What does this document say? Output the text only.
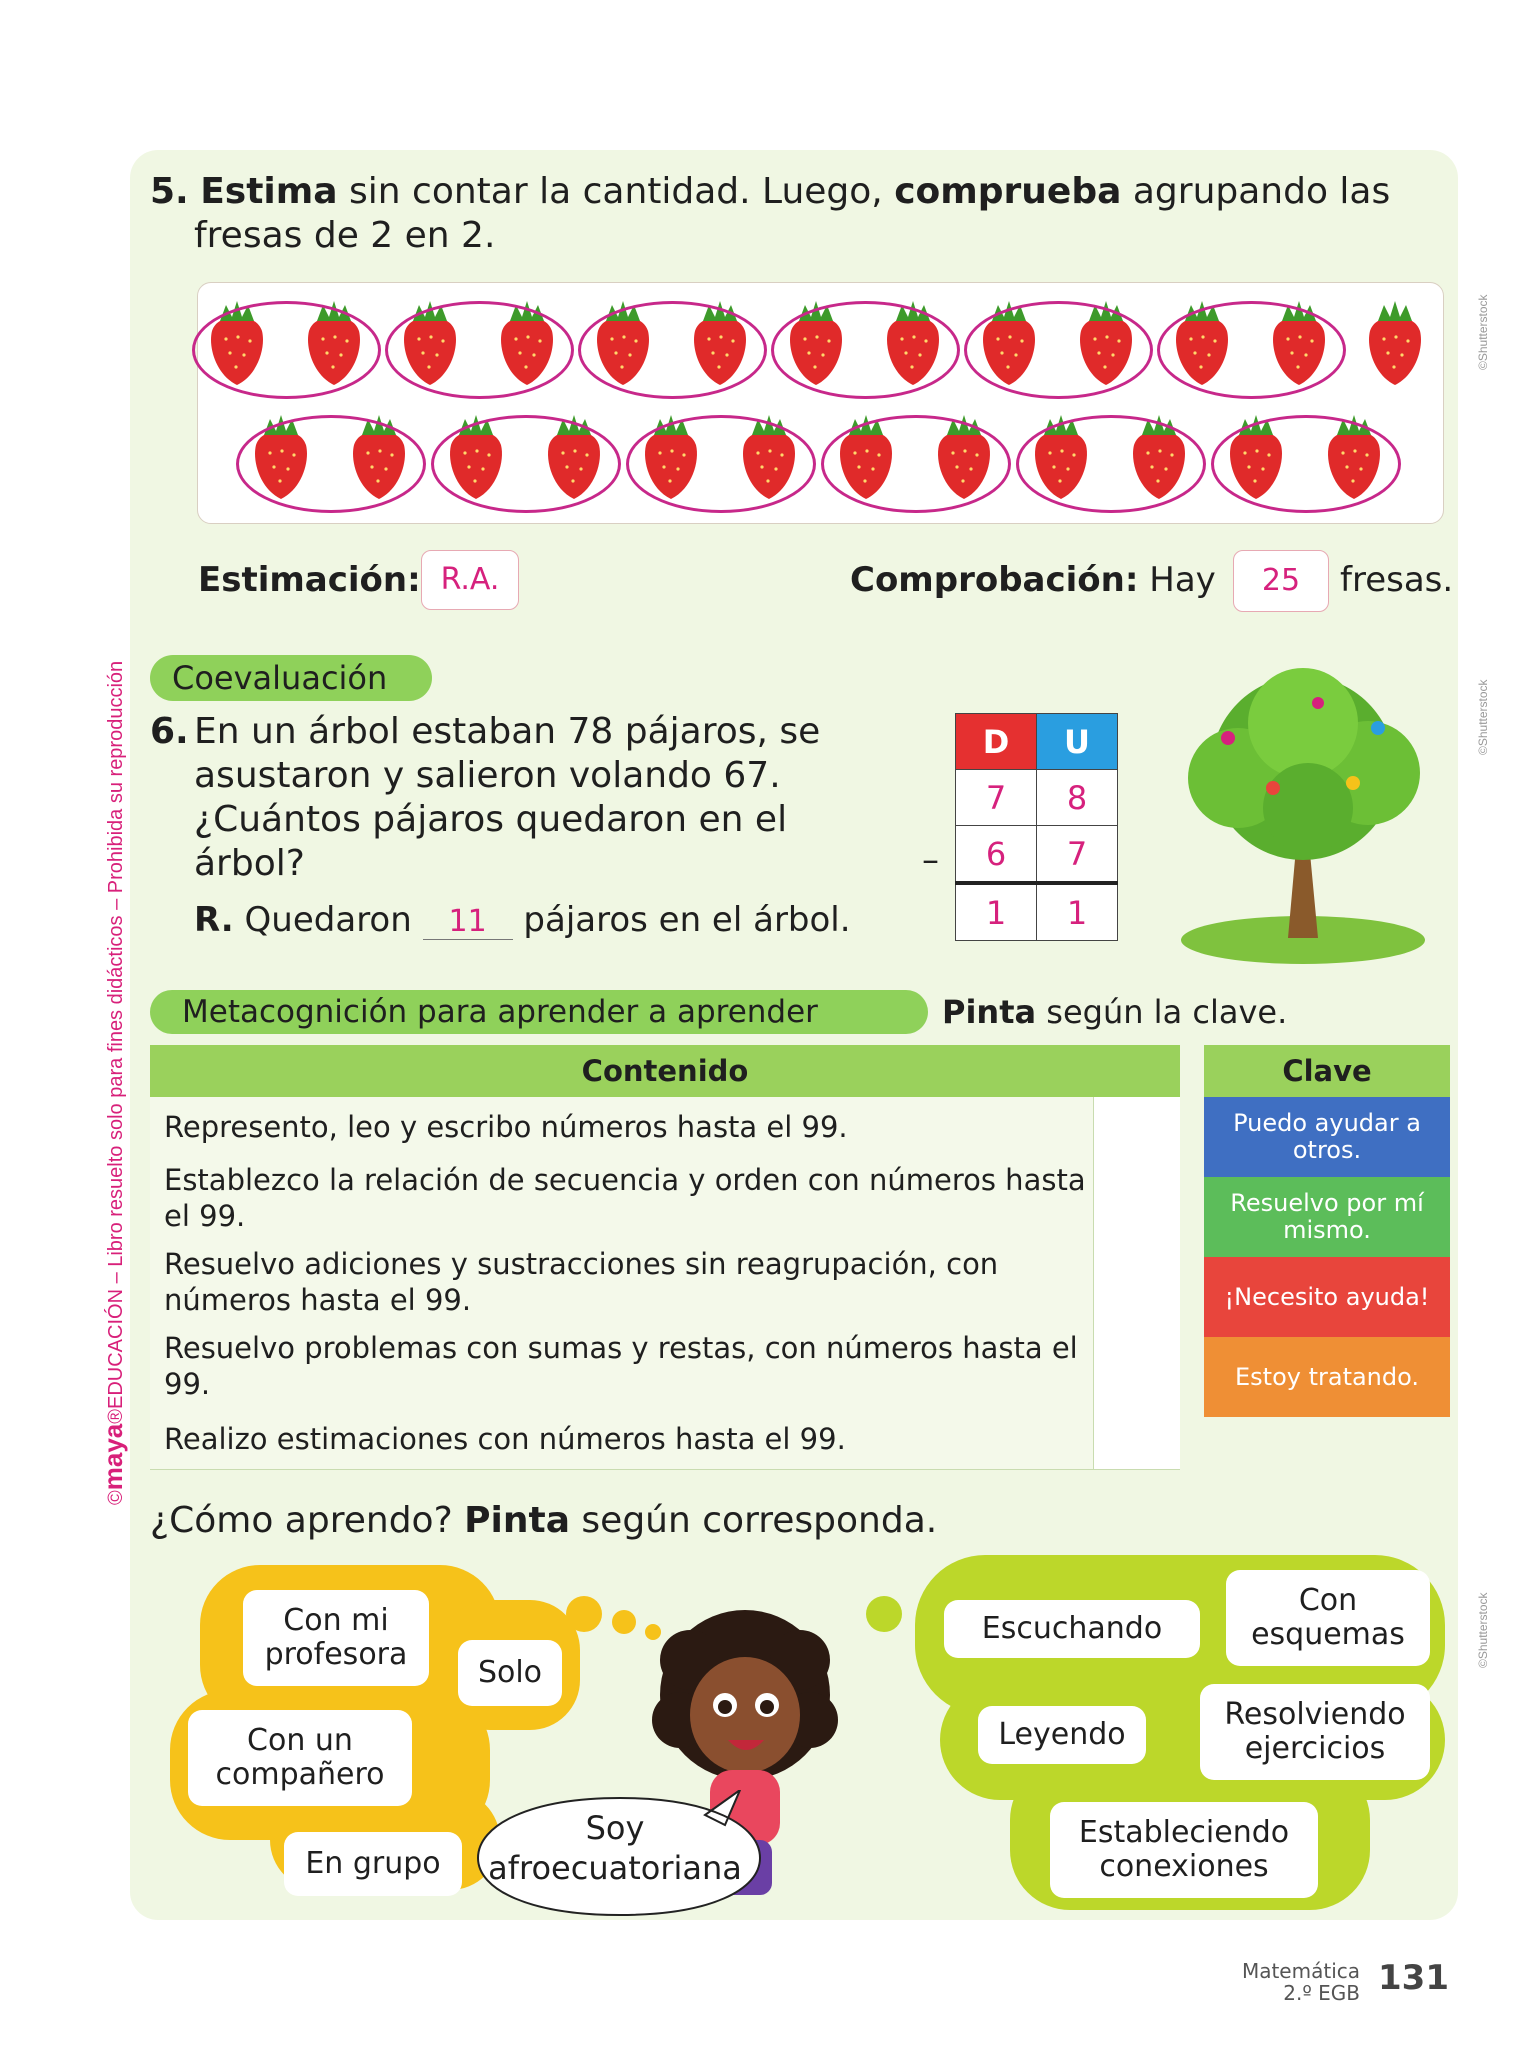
©maya®EDUCACIÓN – Libro resuelto solo para fines didácticos – Prohibida su reproducción
©Shutterstock
©Shutterstock
©Shutterstock
5. Estima sin contar la cantidad. Luego, comprueba agrupando las
fresas de 2 en 2.
Estimación: R.A.	Comprobación: Hay	25	fresas.
Coevaluación
6. En un árbol estaban 78 pájaros, se
asustaron y salieron volando 67.
¿Cuántos pájaros quedaron en el
árbol?
R. Quedaron 11 pájaros en el árbol.
–
D	U
7	8
6	7
1	1
Metacognición para aprender a aprender	Pinta según la clave.
Contenido
Represento, leo y escribo números hasta el 99.
Establezco la relación de secuencia y orden con números hasta el 99.
Resuelvo adiciones y sustracciones sin reagrupación, con números hasta el 99.
Resuelvo problemas con sumas y restas, con números hasta el 99.
Realizo estimaciones con números hasta el 99.
Clave
Puedo ayudar a otros.
Resuelvo por mí mismo.
¡Necesito ayuda!
Estoy tratando.
¿Cómo aprendo? Pinta según corresponda.
Con mi profesora
Solo
Con un compañero
En grupo
Escuchando
Con esquemas
Leyendo
Resolviendo ejercicios
Estableciendo conexiones
Soy afroecuatoriana
Matemática
2.º EGB 131
